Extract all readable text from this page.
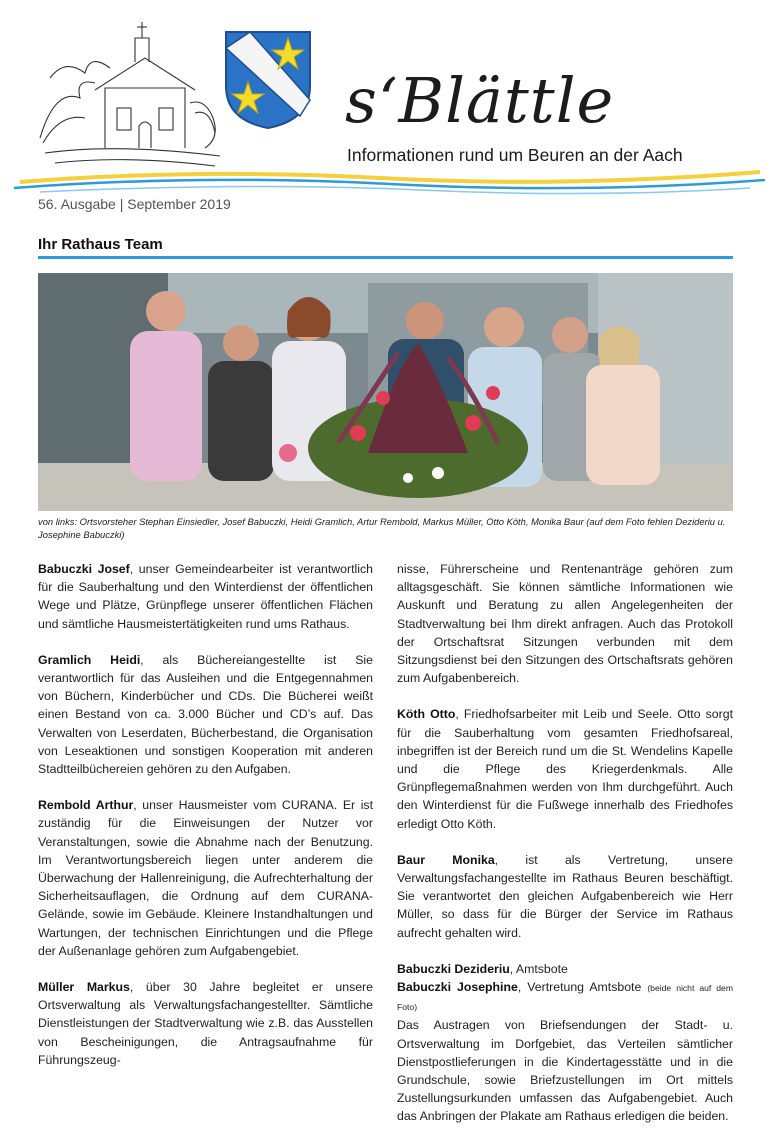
s‘Blättle
Informationen rund um Beuren an der Aach
56. Ausgabe | September 2019
Ihr Rathaus Team
von links: Ortsvorsteher Stephan Einsiedler, Josef Babuczki, Heidi Gramlich, Artur Rembold, Markus Müller, Otto Köth, Monika Baur (auf dem Foto fehlen Dezideriu u. Josephine Babuczki)

Babuczki Josef, unser Gemeindearbeiter ist verantwortlich für die Sauberhaltung und den Winterdienst der öffentlichen Wege und Plätze, Grünpflege unserer öffentlichen Flächen und sämtliche Hausmeistertätigkeiten rund ums Rathaus.

Gramlich Heidi, als Büchereiangestellte ist Sie verantwortlich für das Ausleihen und die Entgegennahmen von Büchern, Kinderbücher und CDs. Die Bücherei weißt einen Bestand von ca. 3.000 Bücher und CD’s auf. Das Verwalten von Leserdaten, Bücherbestand, die Organisation von Leseaktionen und sonstigen Kooperation mit anderen Stadtteilbüchereien gehören zu den Aufgaben.

Rembold Arthur, unser Hausmeister vom CURANA. Er ist zuständig für die Einweisungen der Nutzer vor Veranstaltungen, sowie die Abnahme nach der Benutzung. Im Verantwortungsbereich liegen unter anderem die Überwachung der Hallenreinigung, die Aufrechterhaltung der Sicherheitsauflagen, die Ordnung auf dem CURANA-Gelände, sowie im Gebäude. Kleinere Instandhaltungen und Wartungen, der technischen Einrichtungen und die Pflege der Außenanlage gehören zum Aufgabengebiet.

Müller Markus, über 30 Jahre begleitet er unsere Ortsverwaltung als Verwaltungsfachangestellter. Sämtliche Dienstleistungen der Stadtverwaltung wie z.B. das Ausstellen von Bescheinigungen, die Antragsaufnahme für Führungszeug-

nisse, Führerscheine und Rentenanträge gehören zum alltagsgeschäft. Sie können sämtliche Informationen wie Auskunft und Beratung zu allen Angelegenheiten der Stadtverwaltung bei Ihm direkt anfragen. Auch das Protokoll der Ortschaftsrat Sitzungen verbunden mit dem Sitzungsdienst bei den Sitzungen des Ortschaftsrats gehören zum Aufgabenbereich.

Köth Otto, Friedhofsarbeiter mit Leib und Seele. Otto sorgt für die Sauberhaltung vom gesamten Friedhofsareal, inbegriffen ist der Bereich rund um die St. Wendelins Kapelle und die Pflege des Kriegerdenkmals. Alle Grünpflegemaßnahmen werden von Ihm durchgeführt. Auch den Winterdienst für die Fußwege innerhalb des Friedhofes erledigt Otto Köth.

Baur Monika, ist als Vertretung, unsere Verwaltungsfachangestellte im Rathaus Beuren beschäftigt. Sie verantwortet den gleichen Aufgabenbereich wie Herr Müller, so dass für die Bürger der Service im Rathaus aufrecht gehalten wird.

Babuczki Dezideriu, Amtsbote

Babuczki Josephine, Vertretung Amtsbote (beide nicht auf dem Foto)

Das Austragen von Briefsendungen der Stadt- u. Ortsverwaltung im Dorfgebiet, das Verteilen sämtlicher Dienstpostlieferungen in die Kindertagesstätte und in die Grundschule, sowie Briefzustellungen im Ort mittels Zustellungsurkunden umfassen das Aufgabengebiet. Auch das Anbringen der Plakate am Rathaus erledigen die beiden.
